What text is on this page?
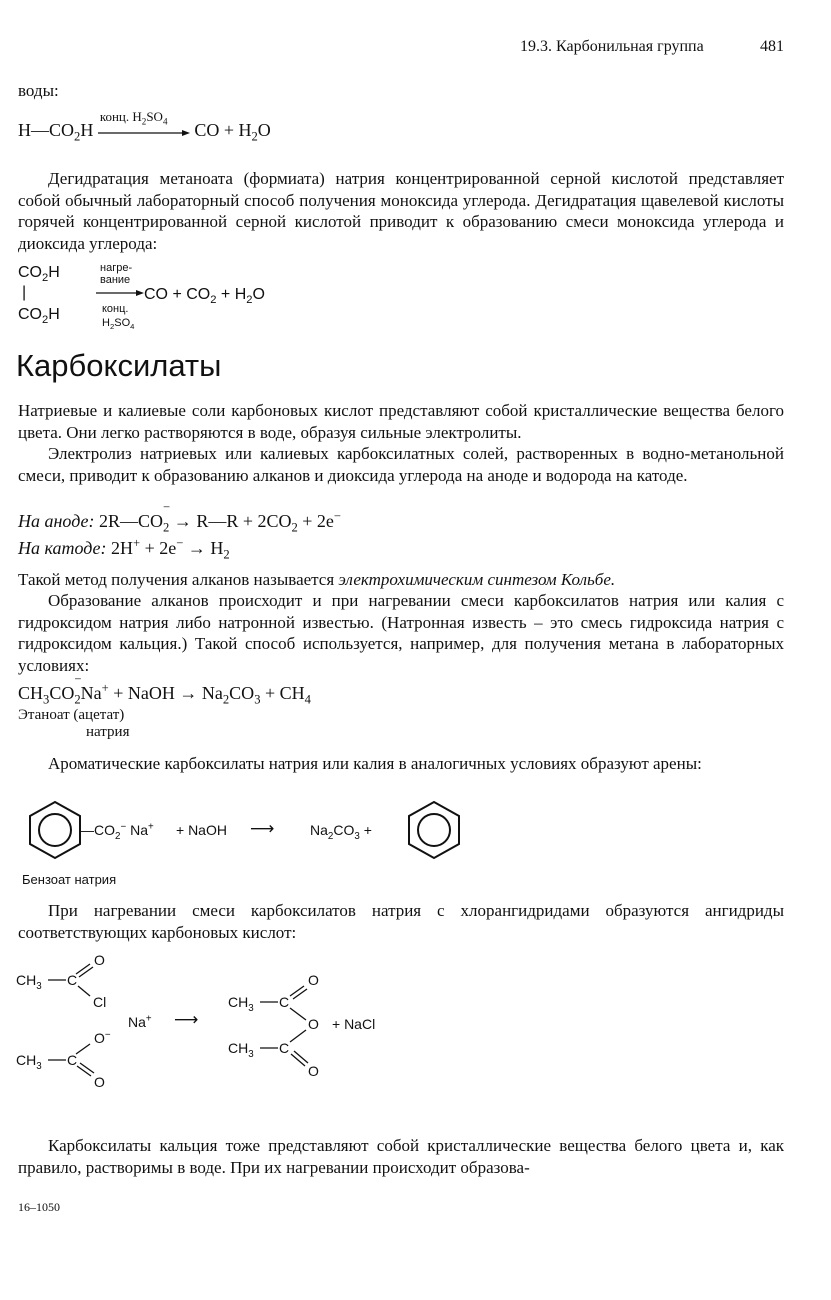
19.3. Карбонильная группа	481
воды:
$H—CO_2H$
конц. $H_2SO_4$ CO + $H_2O$
Дегидратация метаноата (формиата) натрия концентрированной серной кислотой представляет собой обычный лабораторный способ получения моноксида углерода. Дегидратация щавелевой кислоты горячей концентрированной серной кислотой приводит к образованию смеси моноксида углерода и диоксида углерода:
$CO_2H$
|
$CO_2H$
нагре-
вание
конц.
$H_2SO_4$
CO + $CO_2 + H_2O$
Карбоксилаты
Натриевые и калиевые соли карбоновых кислот представляют собой кристаллические вещества белого цвета. Они легко растворяются в воде, образуя сильные электролиты.
Электролиз натриевых или калиевых карбоксилатных солей, растворенных в водно-метанольной смеси, приводит к образованию алканов и диоксида углерода на аноде и водорода на катоде.
На аноде: 2R—CO
−
$_2$ → R—R + $2CO_2 + 2e^-$
На катоде: $2H^+ + 2e^- \to H_2$
Такой метод получения алканов называется электрохимическим синтезом Кольбе.
Образование алканов происходит и при нагревании смеси карбоксилатов натрия или калия с гидроксидом натрия либо натронной известью. (Натронная известь – это смесь гидроксида натрия с гидроксидом кальция.) Такой способ используется, например, для получения метана в лабораторных условиях:
$CH_3CO$
−
$_2$Na+ + NaOH → $Na_2CO_3 + CH_4$
Этаноат (ацетат)
натрия
Ароматические карбоксилаты натрия или калия в аналогичных условиях образуют арены:
$—CO_2^-$ Na+ + NaOH ⟶	$Na_2CO_3$ +
Бензоат натрия
При нагревании смеси карбоксилатов натрия с хлорангидридами образуются ангидриды соответствующих карбоновых кислот:
$CH_3$ C
O
Cl
Na+ ⟶
O−
$CH_3$ C
O
$CH_3$ C
O
O + NaCl
$CH_3$ C
O
Карбоксилаты кальция тоже представляют собой кристаллические вещества белого цвета и, как правило, растворимы в воде. При их нагревании происходит образова-
16–1050
